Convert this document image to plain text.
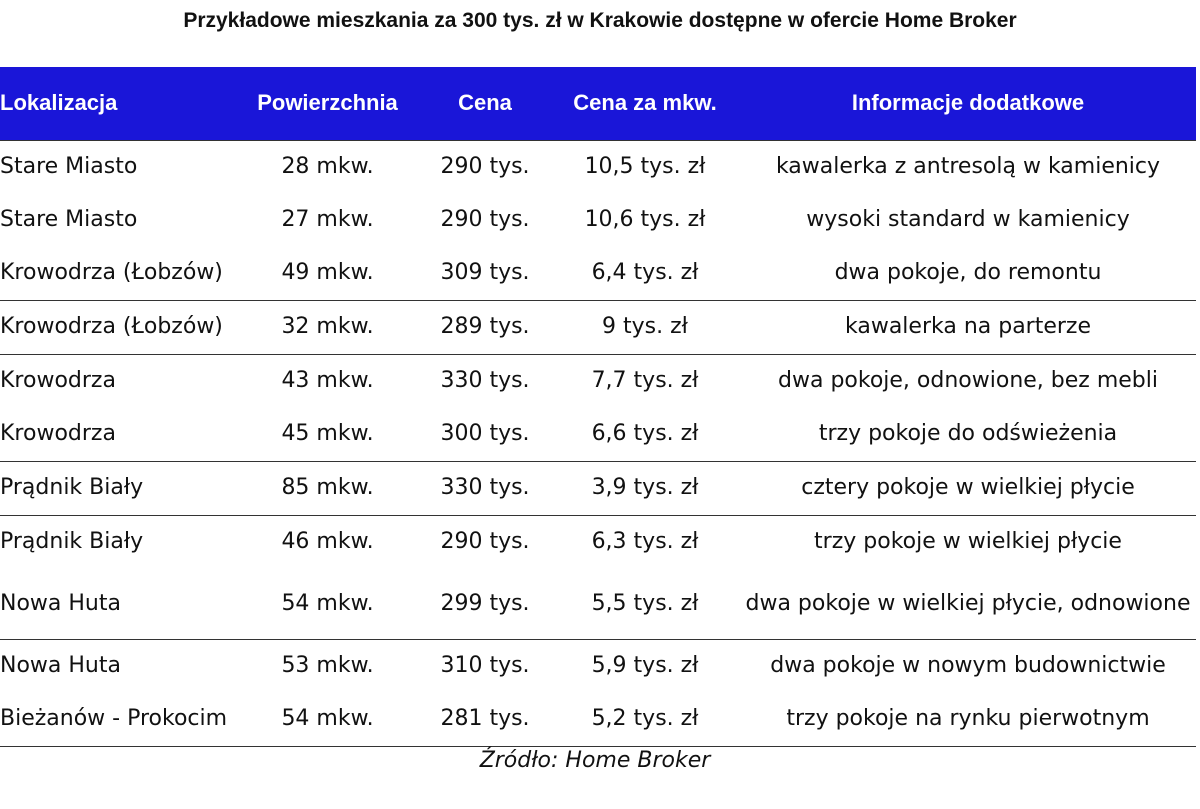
Przykładowe mieszkania za 300 tys. zł w Krakowie dostępne w ofercie Home Broker
Lokalizacja	Powierzchnia	Cena	Cena za mkw.	Informacje dodatkowe
Stare Miasto	28 mkw.	290 tys.	10,5 tys. zł	kawalerka z antresolą w kamienicy
Stare Miasto	27 mkw.	290 tys.	10,6 tys. zł	wysoki standard w kamienicy
Krowodrza (Łobzów)	49 mkw.	309 tys.	6,4 tys. zł	dwa pokoje, do remontu
Krowodrza (Łobzów)	32 mkw.	289 tys.	9 tys. zł	kawalerka na parterze
Krowodrza	43 mkw.	330 tys.	7,7 tys. zł	dwa pokoje, odnowione, bez mebli
Krowodrza	45 mkw.	300 tys.	6,6 tys. zł	trzy pokoje do odświeżenia
Prądnik Biały	85 mkw.	330 tys.	3,9 tys. zł	cztery pokoje w wielkiej płycie
Prądnik Biały	46 mkw.	290 tys.	6,3 tys. zł	trzy pokoje w wielkiej płycie
Nowa Huta	54 mkw.	299 tys.	5,5 tys. zł	dwa pokoje w wielkiej płycie, odnowione
Nowa Huta	53 mkw.	310 tys.	5,9 tys. zł	dwa pokoje w nowym budownictwie
Bieżanów - Prokocim	54 mkw.	281 tys.	5,2 tys. zł	trzy pokoje na rynku pierwotnym
Źródło: Home Broker
